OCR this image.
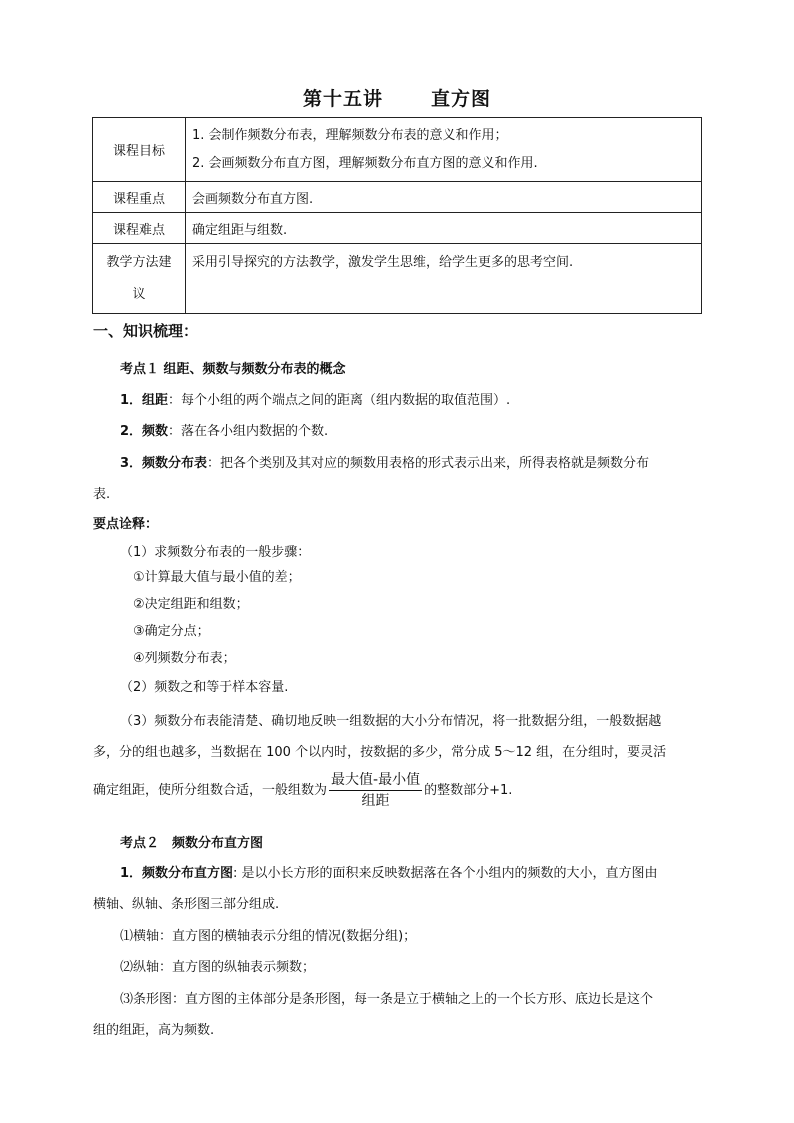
第十五讲	直方图
课程目标	1. 会制作频数分布表，理解频数分布表的意义和作用；
2. 会画频数分布直方图，理解频数分布直方图的意义和作用.

课程重点	会画频数分布直方图.
课程难点	确定组距与组数.

教学方法建
议	采用引导探究的方法教学，激发学生思维，给学生更多的思考空间.
一、知识梳理：
考点１ 组距、频数与频数分布表的概念
1．组距：每个小组的两个端点之间的距离（组内数据的取值范围）.
2．频数：落在各小组内数据的个数.
3．频数分布表：把各个类别及其对应的频数用表格的形式表示出来，所得表格就是频数分布
表.
要点诠释：
（1）求频数分布表的一般步骤：
①计算最大值与最小值的差；
②决定组距和组数；
③确定分点；
④列频数分布表；
（2）频数之和等于样本容量.
（3）频数分布表能清楚、确切地反映一组数据的大小分布情况，将一批数据分组，一般数据越
多，分的组也越多，当数据在 100 个以内时，按数据的多少，常分成 5～12 组，在分组时，要灵活
确定组距，使所分组数合适，一般组数为 $\frac{\text{最大值-最小值}}{\text{组距}}$ 的整数部分+1.
考点２　频数分布直方图
1．频数分布直方图: 是以小长方形的面积来反映数据落在各个小组内的频数的大小，直方图由
横轴、纵轴、条形图三部分组成.
⑴横轴：直方图的横轴表示分组的情况(数据分组)；
⑵纵轴：直方图的纵轴表示频数；
⑶条形图：直方图的主体部分是条形图，每一条是立于横轴之上的一个长方形、底边长是这个
组的组距，高为频数.
